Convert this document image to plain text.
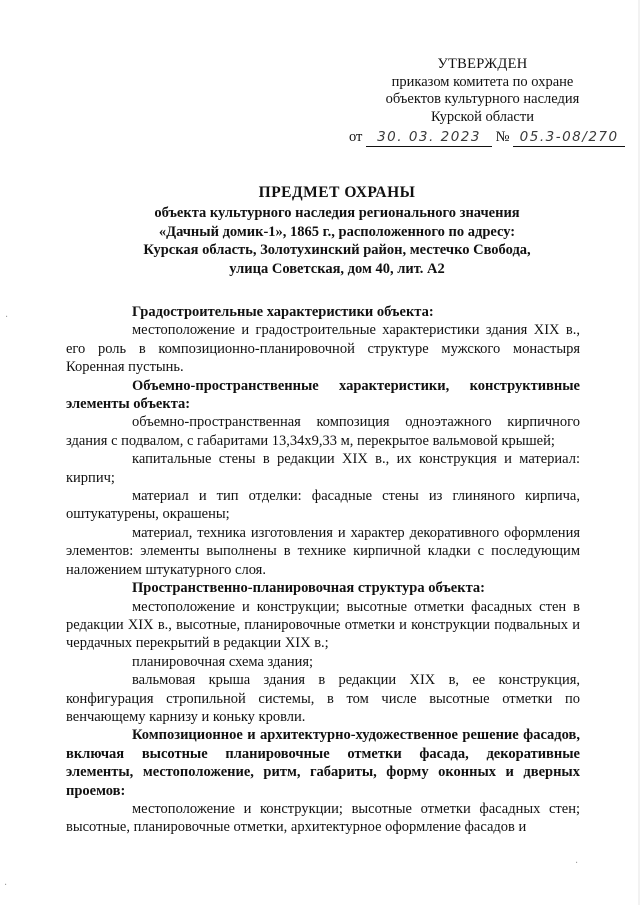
УТВЕРЖДЕН
приказом комитета по охране
объектов культурного наследия
Курской области
от 30. 03. 2023 № 05.3-08/270
ПРЕДМЕТ ОХРАНЫ
объекта культурного наследия регионального значения
«Дачный домик-1», 1865 г., расположенного по адресу:
Курская область, Золотухинский район, местечко Свобода,
улица Советская, дом 40, лит. А2

Градостроительные характеристики объекта:

местоположение и градостроительные характеристики здания XIX в., его роль в композиционно-планировочной структуре мужского монастыря Коренная пустынь.

Объемно-пространственные характеристики, конструктивные элементы объекта:

объемно-пространственная композиция одноэтажного кирпичного здания с подвалом, с габаритами 13,34х9,33 м, перекрытое вальмовой крышей;

капитальные стены в редакции XIX в., их конструкция и материал: кирпич;

материал и тип отделки: фасадные стены из глиняного кирпича, оштукатурены, окрашены;

материал, техника изготовления и характер декоративного оформления элементов: элементы выполнены в технике кирпичной кладки с последующим наложением штукатурного слоя.

Пространственно-планировочная структура объекта:

местоположение и конструкции; высотные отметки фасадных стен в редакции XIX в., высотные, планировочные отметки и конструкции подвальных и чердачных перекрытий в редакции XIX в.;

планировочная схема здания;

вальмовая крыша здания в редакции XIX в, ее конструкция, конфигурация стропильной системы, в том числе высотные отметки по венчающему карнизу и коньку кровли.

Композиционное и архитектурно-художественное решение фасадов, включая высотные планировочные отметки фасада, декоративные элементы, местоположение, ритм, габариты, форму оконных и дверных проемов:

местоположение и конструкции; высотные отметки фасадных стен; высотные, планировочные отметки, архитектурное оформление фасадов и

·
·
·
